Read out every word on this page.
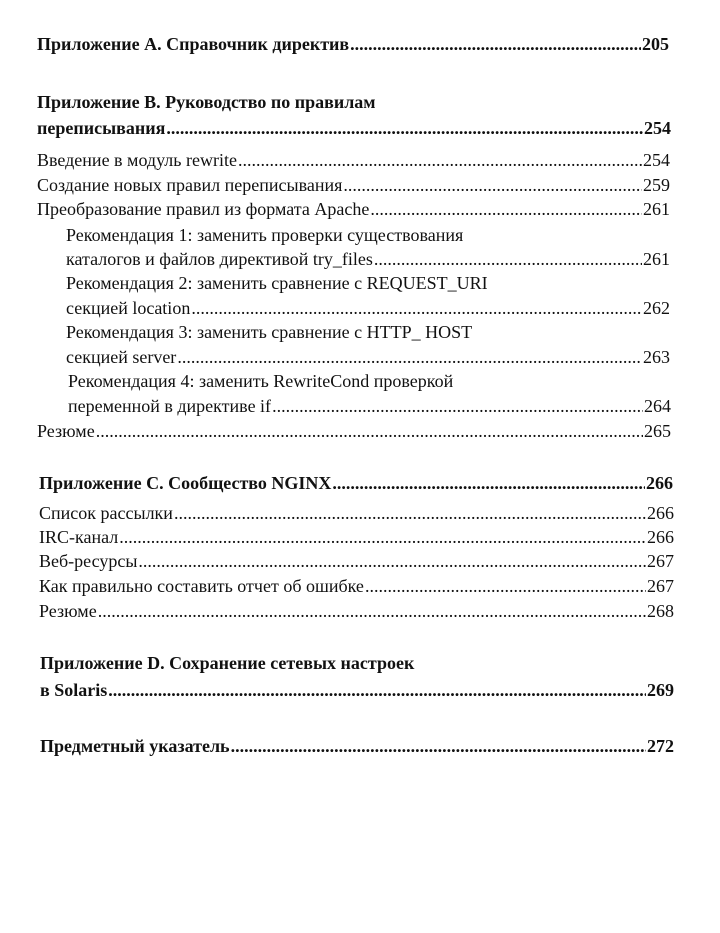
Приложение А. Справочник директив .....	205
Приложение В. Руководство по правилам
переписывания .....	254
Введение в модуль rewrite .....	254
Создание новых правил переписывания .....	259
Преобразование правил из формата Apache .....	261
Рекомендация 1: заменить проверки существования
каталогов и файлов директивой try_files .....	261
Рекомендация 2: заменить сравнение с REQUEST_URI
секцией location .....	262
Рекомендация 3: заменить сравнение с HTTP_ HOST
секцией server .....	263
Рекомендация 4: заменить RewriteCond проверкой
переменной в директиве if .....	264
Резюме .....	265
Приложение С. Сообщество NGINX .....	266
Список рассылки .....	266
IRC-канал .....	266
Веб-ресурсы .....	267
Как правильно составить отчет об ошибке .....	267
Резюме .....	268
Приложение D. Сохранение сетевых настроек
в Solaris .....	269
Предметный указатель .....	272
